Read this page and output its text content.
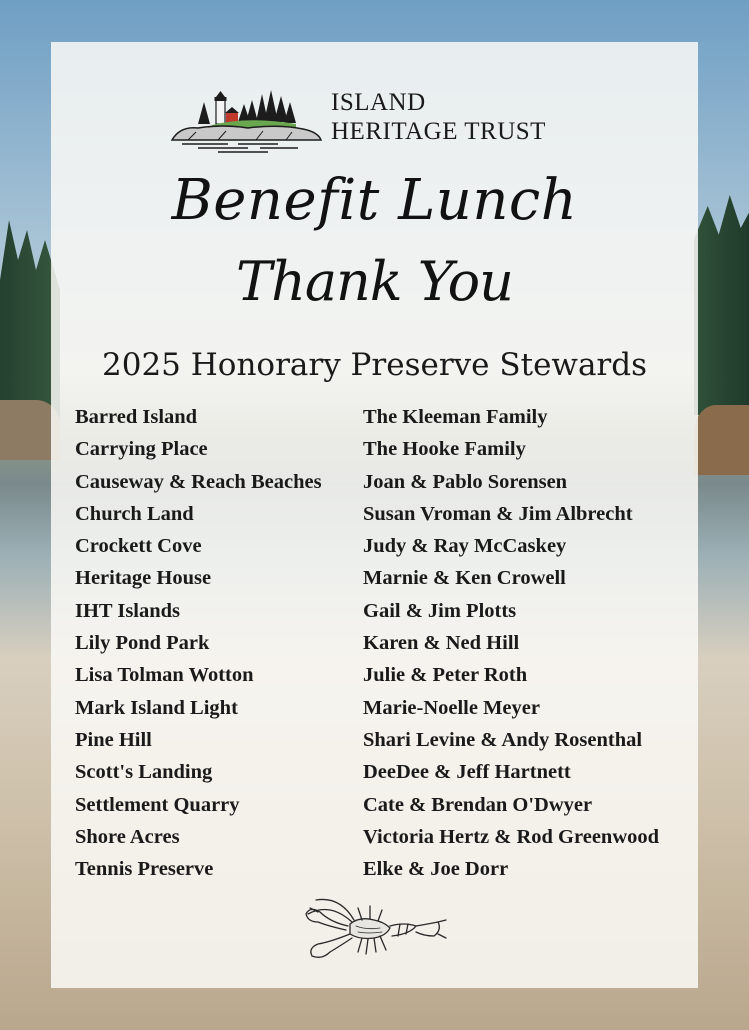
ISLAND
HERITAGE TRUST
Benefit Lunch
Thank You
2025 Honorary Preserve Stewards
Barred Island
Carrying Place
Causeway & Reach Beaches
Church Land
Crockett Cove
Heritage House
IHT Islands
Lily Pond Park
Lisa Tolman Wotton
Mark Island Light
Pine Hill
Scott's Landing
Settlement Quarry
Shore Acres
Tennis Preserve
The Kleeman Family
The Hooke Family
Joan & Pablo Sorensen
Susan Vroman & Jim Albrecht
Judy & Ray McCaskey
Marnie & Ken Crowell
Gail & Jim Plotts
Karen & Ned Hill
Julie & Peter Roth
Marie-Noelle Meyer
Shari Levine & Andy Rosenthal
DeeDee & Jeff Hartnett
Cate & Brendan O'Dwyer
Victoria Hertz & Rod Greenwood
Elke & Joe Dorr
